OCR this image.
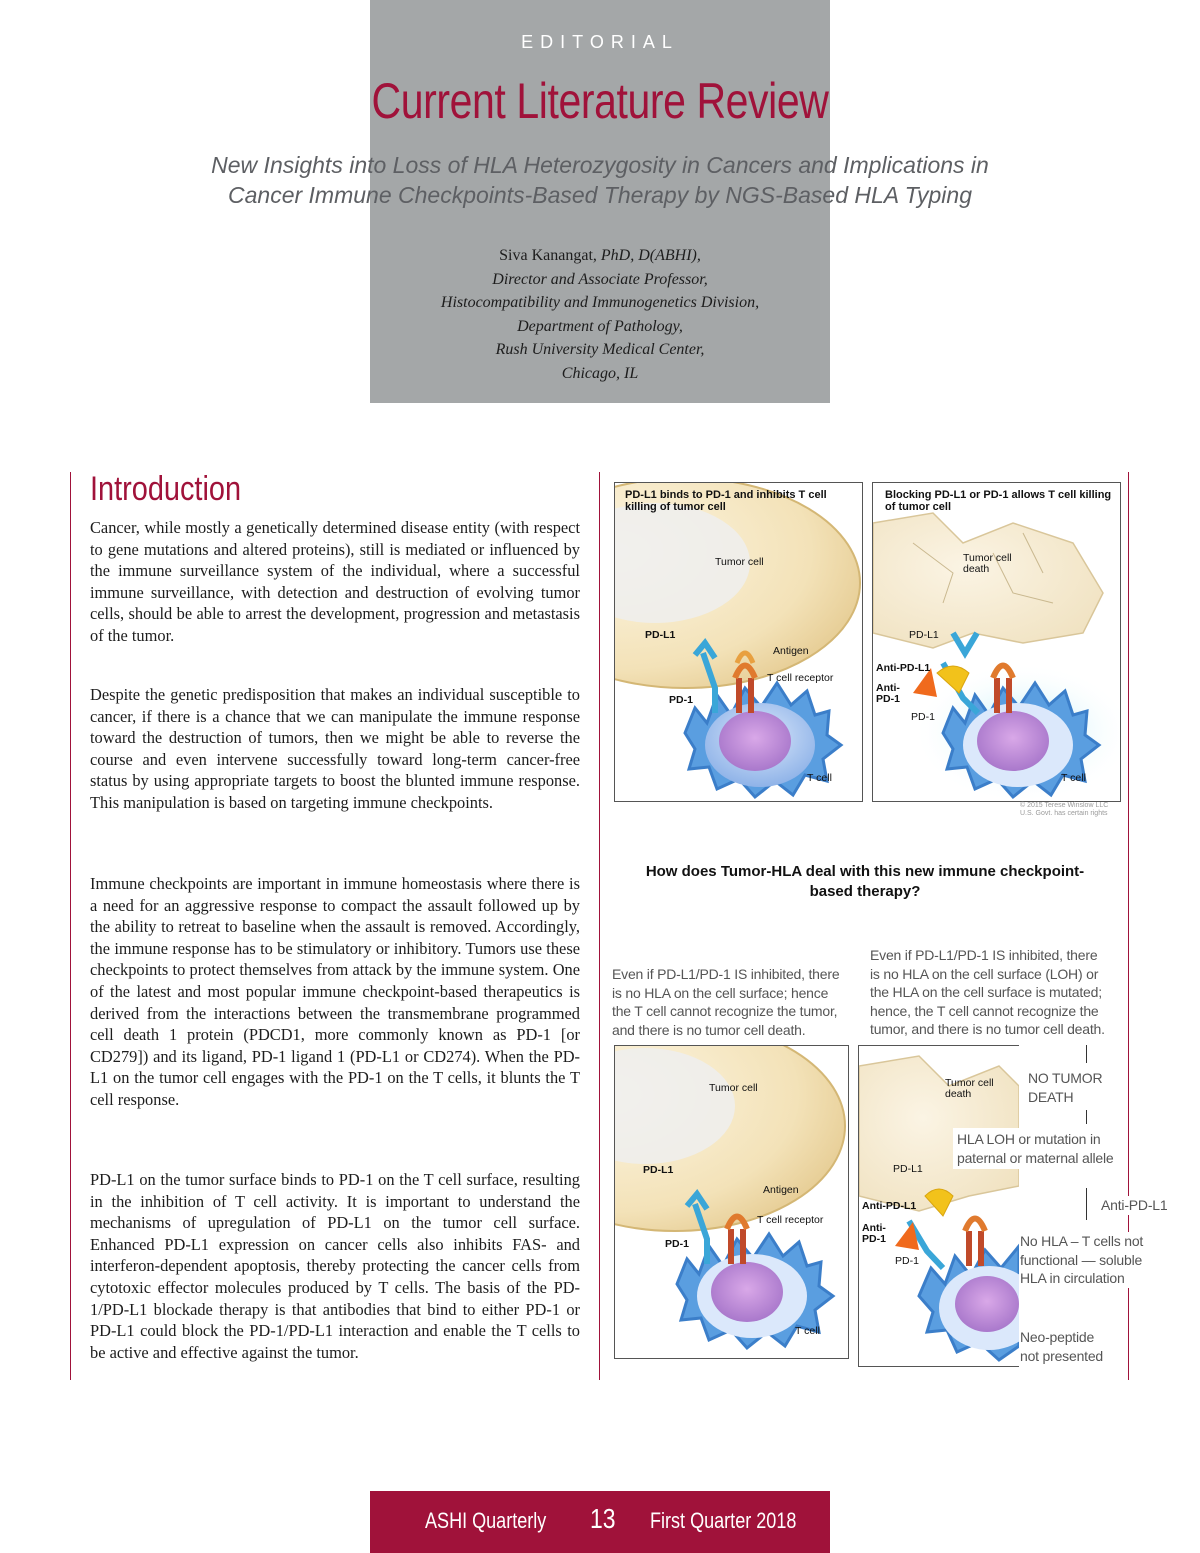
EDITORIAL
Current Literature Review
New Insights into Loss of HLA Heterozygosity in Cancers and Implications in
Cancer Immune Checkpoints-Based Therapy by NGS-Based HLA Typing
Siva Kanangat, PhD, D(ABHI),
Director and Associate Professor,
Histocompatibility and Immunogenetics Division,
Department of Pathology,
Rush University Medical Center,
Chicago, IL
Introduction
Cancer, while mostly a genetically determined disease entity (with respect to gene mutations and altered proteins), still is mediated or influenced by the immune surveillance system of the individual, where a successful immune surveillance, with detection and destruction of evolving tumor cells, should be able to arrest the development, progression and metastasis of the tumor.
Despite the genetic predisposition that makes an individual susceptible to cancer, if there is a chance that we can manipulate the immune response toward the destruction of tumors, then we might be able to reverse the course and even intervene successfully toward long-term cancer-free status by using appropriate targets to boost the blunted immune response. This manipulation is based on targeting immune checkpoints.
Immune checkpoints are important in immune homeostasis where there is a need for an aggressive response to compact the assault followed up by the ability to retreat to baseline when the assault is removed. Accordingly, the immune response has to be stimulatory or inhibitory. Tumors use these checkpoints to protect themselves from attack by the immune system. One of the latest and most popular immune checkpoint-based therapeutics is derived from the interactions between the transmembrane programmed cell death 1 protein (PDCD1, more commonly known as PD-1 [or CD279]) and its ligand, PD-1 ligand 1 (PD-L1 or CD274). When the PD-L1 on the tumor cell engages with the PD-1 on the T cells, it blunts the T cell response.
PD-L1 on the tumor surface binds to PD-1 on the T cell surface, resulting in the inhibition of T cell activity. It is important to understand the mechanisms of upregulation of PD-L1 on the tumor cell surface. Enhanced PD-L1 expression on cancer cells also inhibits FAS- and interferon-dependent apoptosis, thereby protecting the cancer cells from cytotoxic effector molecules produced by T cells. The basis of the PD-1/PD-L1 blockade therapy is that antibodies that bind to either PD-1 or PD-L1 could block the PD-1/PD-L1 interaction and enable the T cells to be active and effective against the tumor.
PD-L1 binds to PD-1 and inhibits T cell killing of tumor cell
Tumor cell
PD-L1
Antigen
T cell receptor
PD-1
T cell
Blocking PD-L1 or PD-1 allows T cell killing of tumor cell
Tumor cell death
PD-L1
Anti-PD-L1
Anti-PD-1
PD-1
T cell
© 2015 Terese Winslow LLC U.S. Govt. has certain rights
How does Tumor-HLA deal with this new immune checkpoint-based therapy?
Even if PD-L1/PD-1 IS inhibited, there
is no HLA on the cell surface; hence
the T cell cannot recognize the tumor,
and there is no tumor cell death.
Even if PD-L1/PD-1 IS inhibited, there
is no HLA on the cell surface (LOH) or
the HLA on the cell surface is mutated;
hence, the T cell cannot recognize the
tumor, and there is no tumor cell death.
Tumor cell
PD-L1
Antigen
T cell receptor
PD-1
T cell
Tumor cell death
PD-L1
Anti-PD-L1
Anti-PD-1
PD-1
NO TUMOR DEATH
HLA LOH or mutation in paternal or maternal allele
Anti-PD-L1
No HLA – T cells not functional — soluble HLA in circulation
Neo-peptide not presented
ASHI Quarterly 13 First Quarter 2018
